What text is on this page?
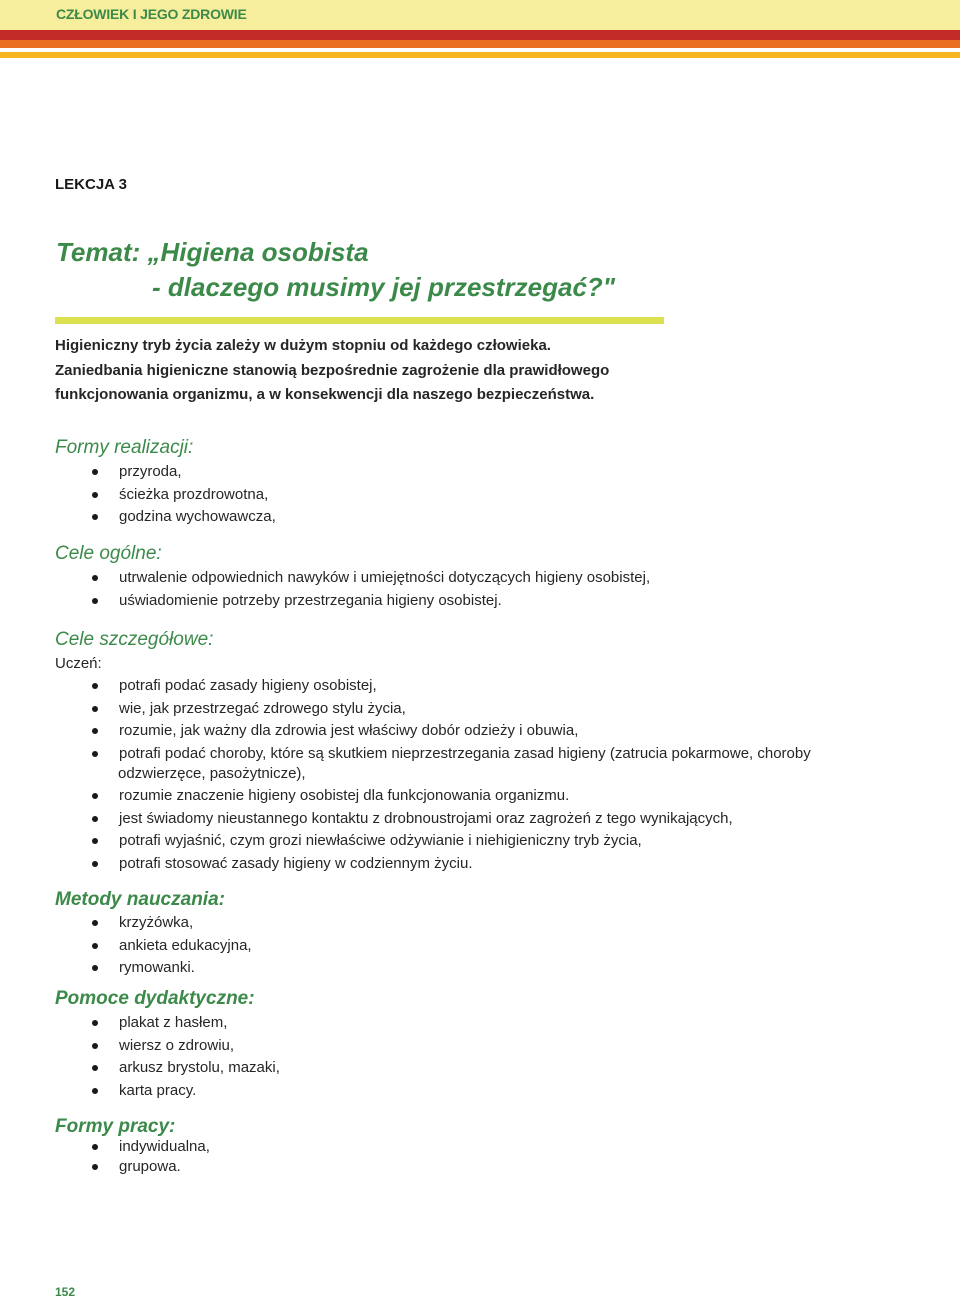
CZŁOWIEK I JEGO ZDROWIE
LEKCJA 3
Temat: „Higiena osobista
- dlaczego musimy jej przestrzegać?"
Higieniczny tryb życia zależy w dużym stopniu od każdego człowieka.
Zaniedbania higieniczne stanowią bezpośrednie zagrożenie dla prawidłowego
funkcjonowania organizmu, a w konsekwencji dla naszego bezpieczeństwa.
Formy realizacji:
przyroda,
ścieżka prozdrowotna,
godzina wychowawcza,
Cele ogólne:
utrwalenie odpowiednich nawyków i umiejętności dotyczących higieny osobistej,
uświadomienie potrzeby przestrzegania higieny osobistej.
Cele szczegółowe:
Uczeń:
potrafi podać zasady higieny osobistej,
wie, jak przestrzegać zdrowego stylu życia,
rozumie, jak ważny dla zdrowia jest właściwy dobór odzieży i obuwia,
potrafi podać choroby, które są skutkiem nieprzestrzegania zasad higieny (zatrucia pokarmowe, choroby
odzwierzęce, pasożytnicze),
rozumie znaczenie higieny osobistej dla funkcjonowania organizmu.
jest świadomy nieustannego kontaktu z drobnoustrojami oraz zagrożeń z tego wynikających,
potrafi wyjaśnić, czym grozi niewłaściwe odżywianie i niehigieniczny tryb życia,
potrafi stosować zasady higieny w codziennym życiu.
Metody nauczania:
krzyżówka,
ankieta edukacyjna,
rymowanki.
Pomoce dydaktyczne:
plakat z hasłem,
wiersz o zdrowiu,
arkusz brystolu, mazaki,
karta pracy.
Formy pracy:
indywidualna,
grupowa.
152
